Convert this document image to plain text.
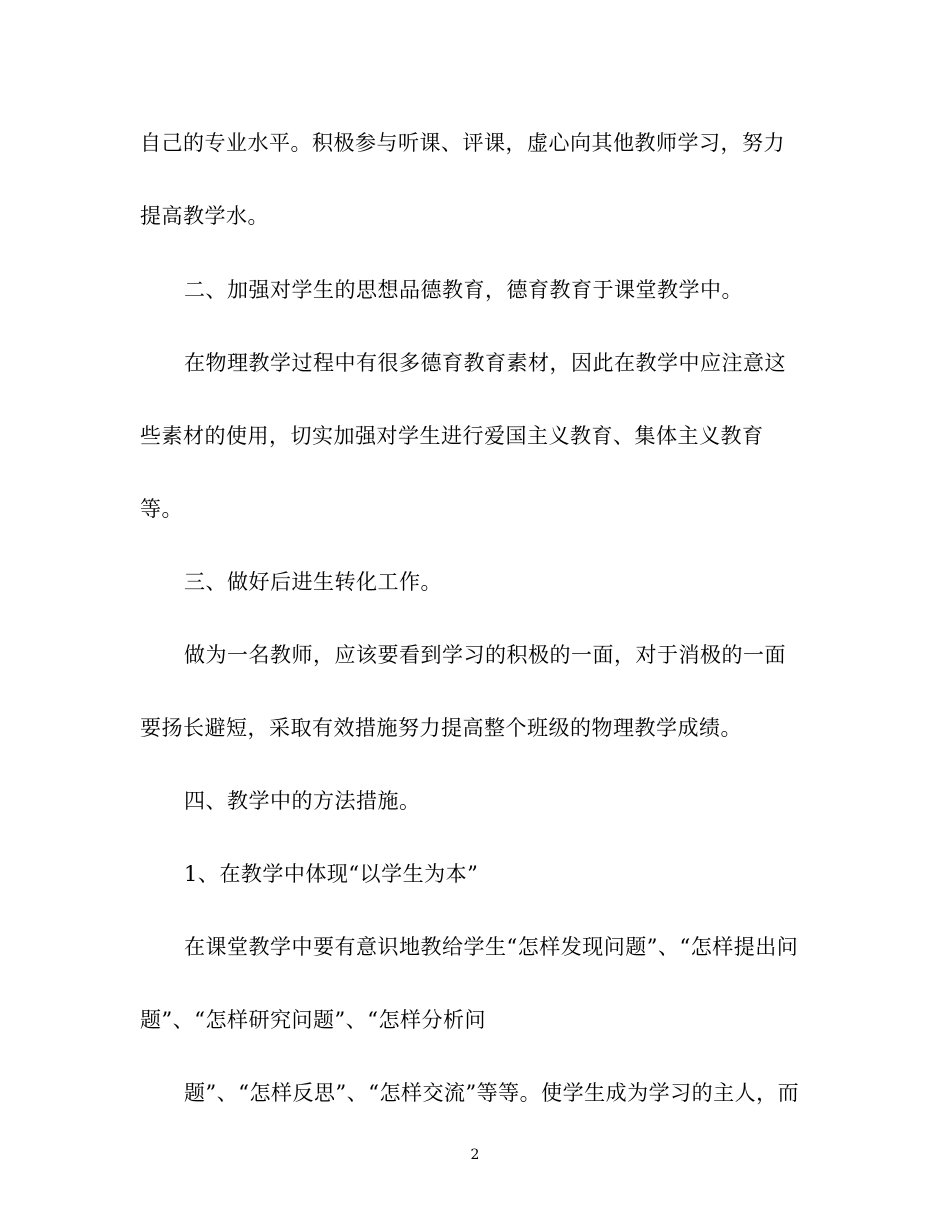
自己的专业水平。积极参与听课、评课，虚心向其他教师学习，努力
提高教学水。
二、加强对学生的思想品德教育，德育教育于课堂教学中。
在物理教学过程中有很多德育教育素材，因此在教学中应注意这
些素材的使用，切实加强对学生进行爱国主义教育、集体主义教育
等。
三、做好后进生转化工作。
做为一名教师，应该要看到学习的积极的一面，对于消极的一面
要扬长避短，采取有效措施努力提高整个班级的物理教学成绩。
四、教学中的方法措施。
1、在教学中体现“以学生为本”
在课堂教学中要有意识地教给学生“怎样发现问题”、“怎样提出问
题”、“怎样研究问题”、“怎样分析问
题”、“怎样反思”、“怎样交流”等等。使学生成为学习的主人，而
2
